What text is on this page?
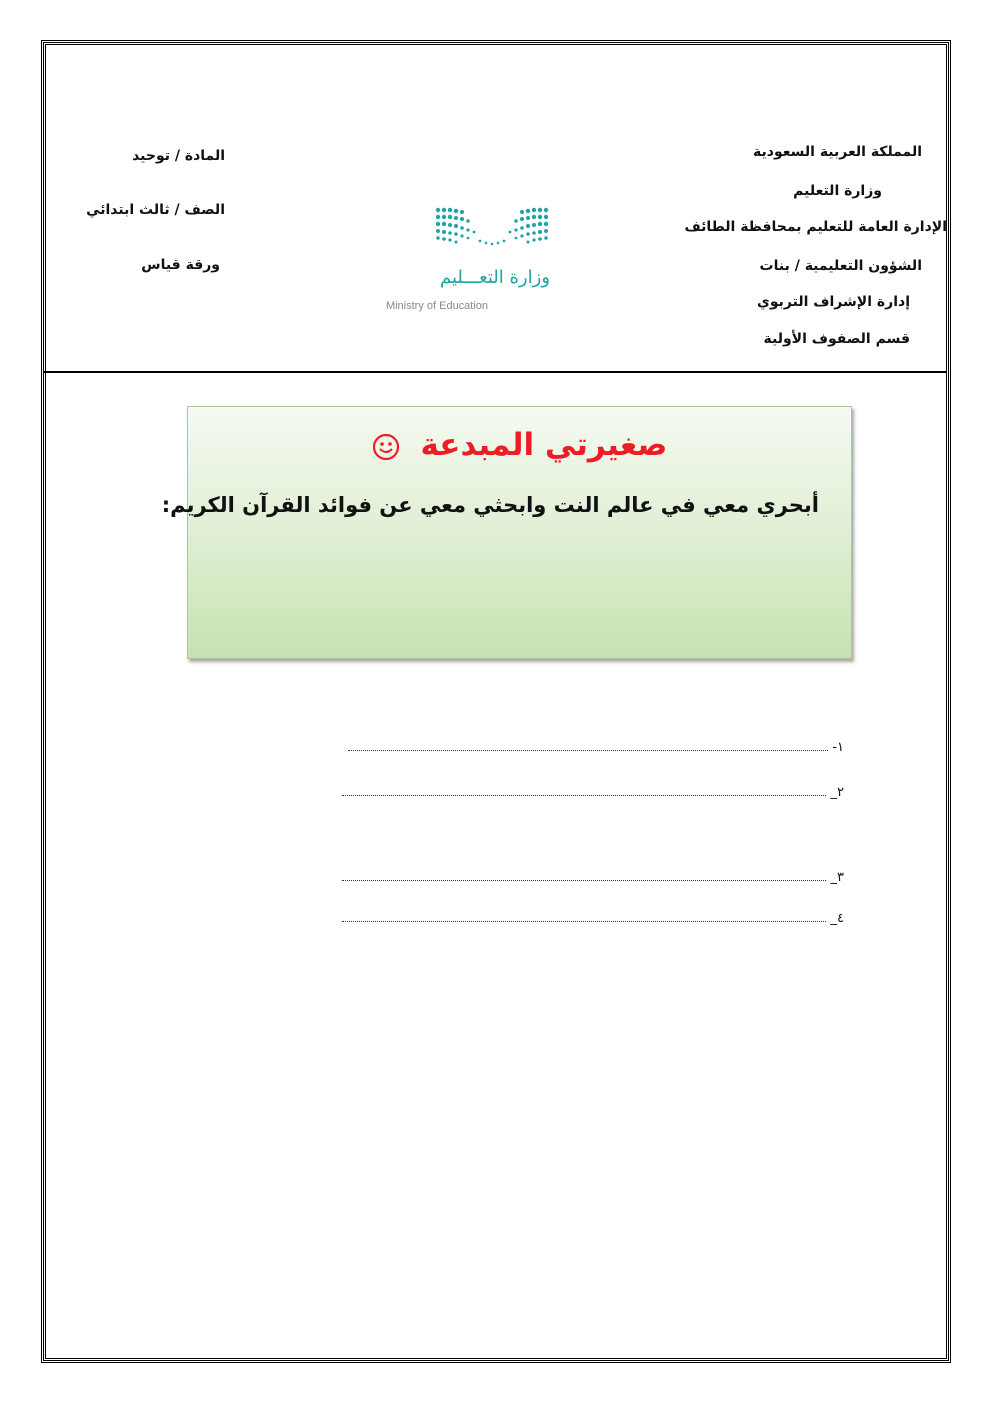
المملكة العربية السعودية
وزارة التعليم
الإدارة العامة للتعليم بمحافظة الطائف
الشؤون التعليمية / بنات
إدارة الإشراف التربوي
قسم الصفوف الأولية
المادة / توحيد
الصف / ثالث ابتدائي
ورقة قياس
وزارة التعـــليم
Ministry of Education
صغيرتي المبدعة
أبحري معي في عالم النت وابحثي معي عن فوائد القرآن الكريم:
١-
٢_
٣_
٤_
